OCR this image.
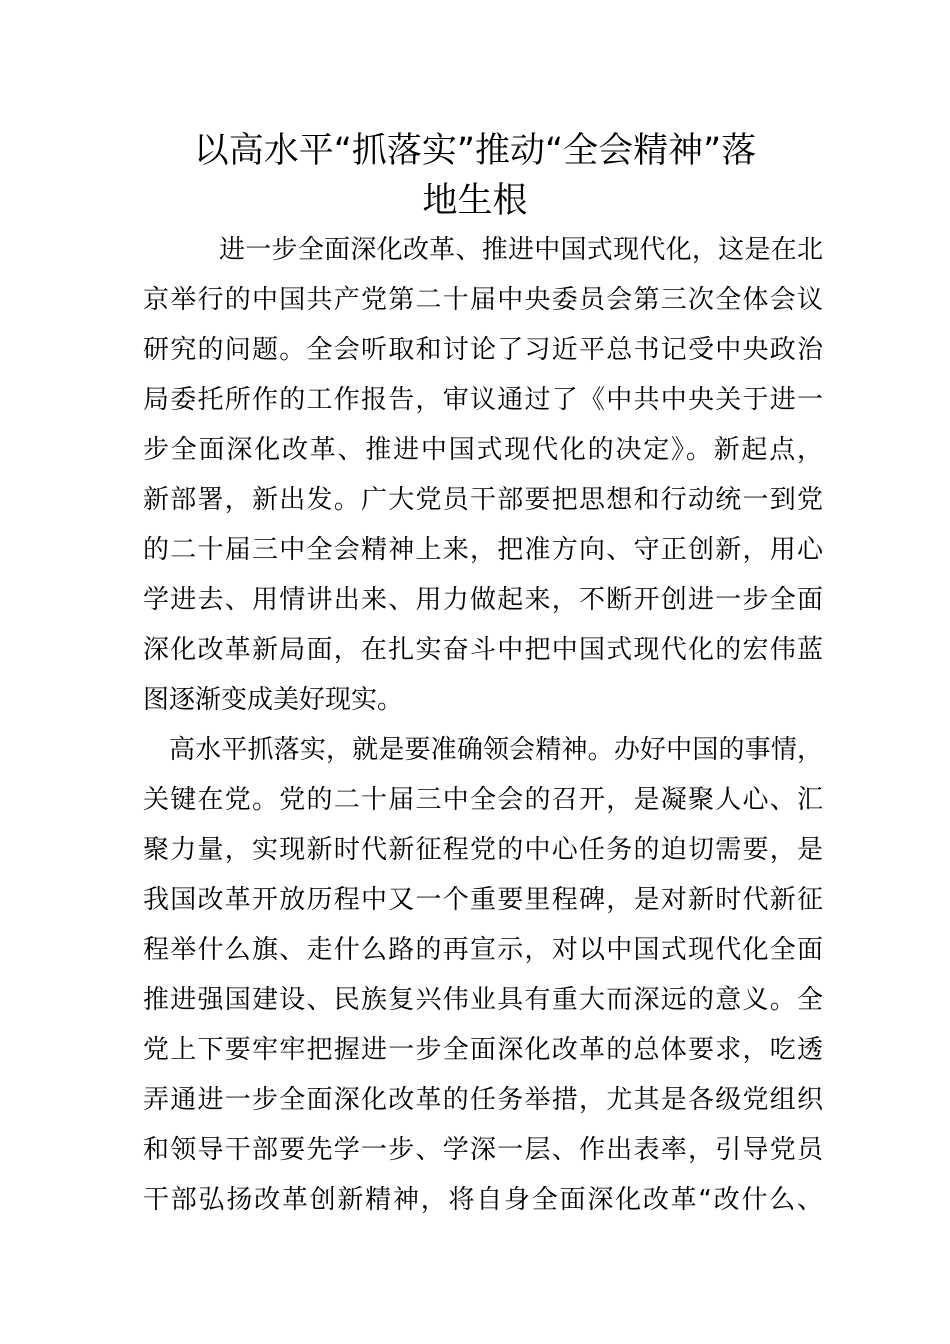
以高水平“抓落实”推动“全会精神”落
地生根
进一步全面深化改革、推进中国式现代化，这是在北
京举行的中国共产党第二十届中央委员会第三次全体会议
研究的问题。全会听取和讨论了习近平总书记受中央政治
局委托所作的工作报告，审议通过了《中共中央关于进一
步全面深化改革、推进中国式现代化的决定》。新起点，
新部署，新出发。广大党员干部要把思想和行动统一到党
的二十届三中全会精神上来，把准方向、守正创新，用心
学进去、用情讲出来、用力做起来，不断开创进一步全面
深化改革新局面，在扎实奋斗中把中国式现代化的宏伟蓝
图逐渐变成美好现实。
高水平抓落实，就是要准确领会精神。办好中国的事情，
关键在党。党的二十届三中全会的召开，是凝聚人心、汇
聚力量，实现新时代新征程党的中心任务的迫切需要，是
我国改革开放历程中又一个重要里程碑，是对新时代新征
程举什么旗、走什么路的再宣示，对以中国式现代化全面
推进强国建设、民族复兴伟业具有重大而深远的意义。全
党上下要牢牢把握进一步全面深化改革的总体要求，吃透
弄通进一步全面深化改革的任务举措，尤其是各级党组织
和领导干部要先学一步、学深一层、作出表率，引导党员
干部弘扬改革创新精神，将自身全面深化改革“改什么、
